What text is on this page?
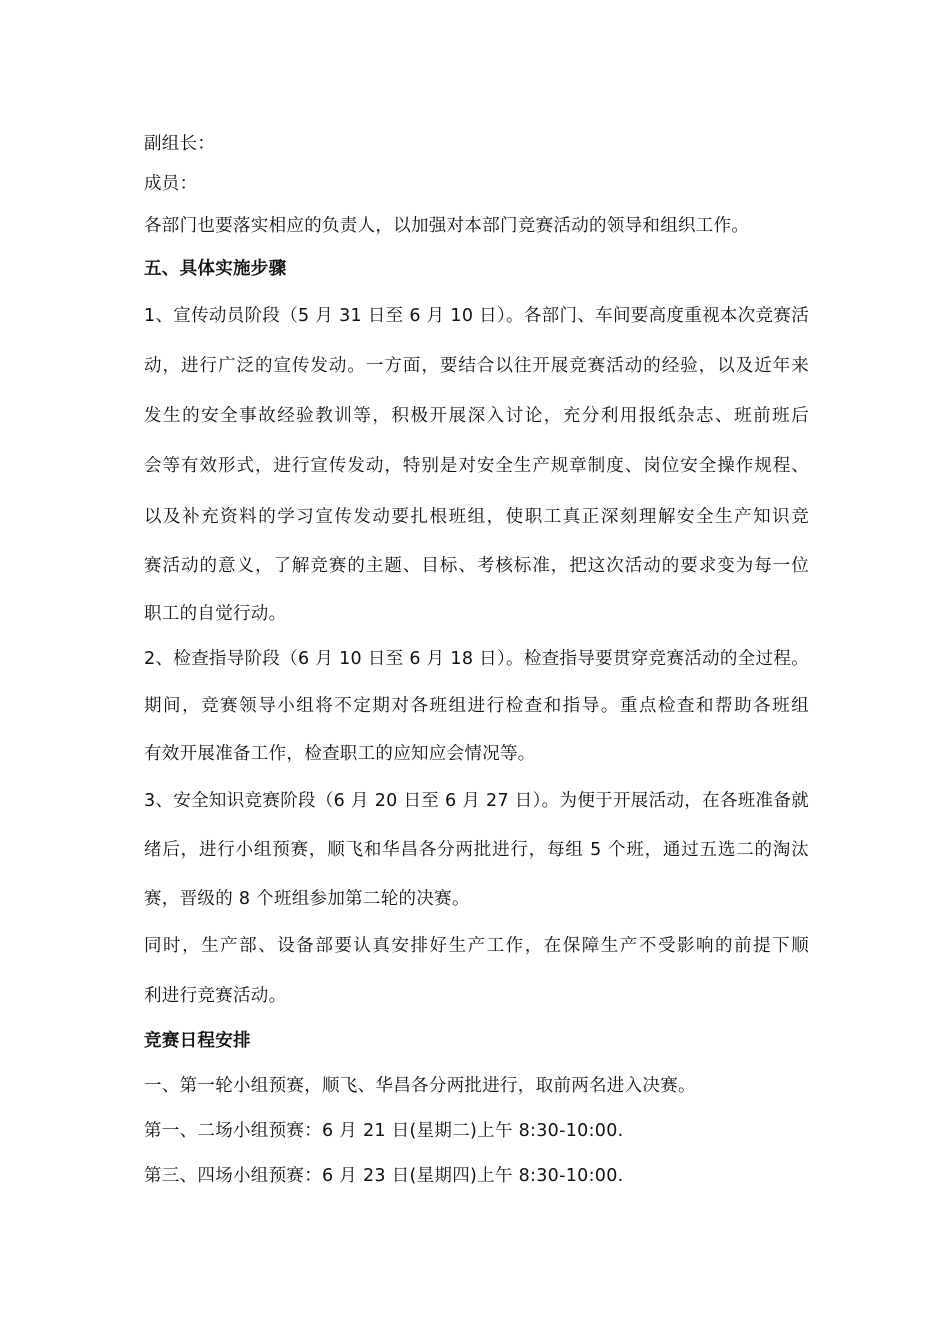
副组长：
成员：
各部门也要落实相应的负责人，以加强对本部门竞赛活动的领导和组织工作。
五、具体实施步骤
1、宣传动员阶段（5 月 31 日至 6 月 10 日）。各部门、车间要高度重视本次竞赛活
动，进行广泛的宣传发动。一方面，要结合以往开展竞赛活动的经验，以及近年来
发生的安全事故经验教训等，积极开展深入讨论，充分利用报纸杂志、班前班后
会等有效形式，进行宣传发动，特别是对安全生产规章制度、岗位安全操作规程、
以及补充资料的学习宣传发动要扎根班组，使职工真正深刻理解安全生产知识竞
赛活动的意义，了解竞赛的主题、目标、考核标准，把这次活动的要求变为每一位
职工的自觉行动。
2、检查指导阶段（6 月 10 日至 6 月 18 日）。检查指导要贯穿竞赛活动的全过程。
期间，竞赛领导小组将不定期对各班组进行检查和指导。重点检查和帮助各班组
有效开展准备工作，检查职工的应知应会情况等。
3、安全知识竞赛阶段（6 月 20 日至 6 月 27 日）。为便于开展活动，在各班准备就
绪后，进行小组预赛，顺飞和华昌各分两批进行，每组 5 个班，通过五选二的淘汰
赛，晋级的 8 个班组参加第二轮的决赛。
同时，生产部、设备部要认真安排好生产工作，在保障生产不受影响的前提下顺
利进行竞赛活动。
竞赛日程安排
一、第一轮小组预赛，顺飞、华昌各分两批进行，取前两名进入决赛。
第一、二场小组预赛：6 月 21 日(星期二)上午 8:30-10:00.
第三、四场小组预赛：6 月 23 日(星期四)上午 8:30-10:00.
